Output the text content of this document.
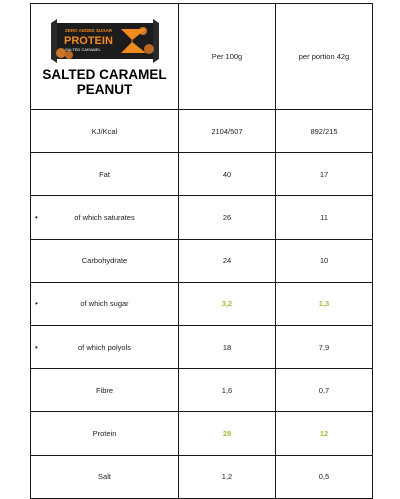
ZERO ADDED SUGAR
PROTEIN
SALTED CARAMEL
SALTED CARAMEL PEANUT	Per 100g	per portion 42g
KJ/Kcal	2104/507	892/215
Fat	40	17

• of which saturates	26	11
Carbohydrate	24	10

• of which sugar	3,2	1,3

• of which polyols	18	7,9
Fibre	1,6	0,7
Protein	28	12
Salt	1,2	0,5
